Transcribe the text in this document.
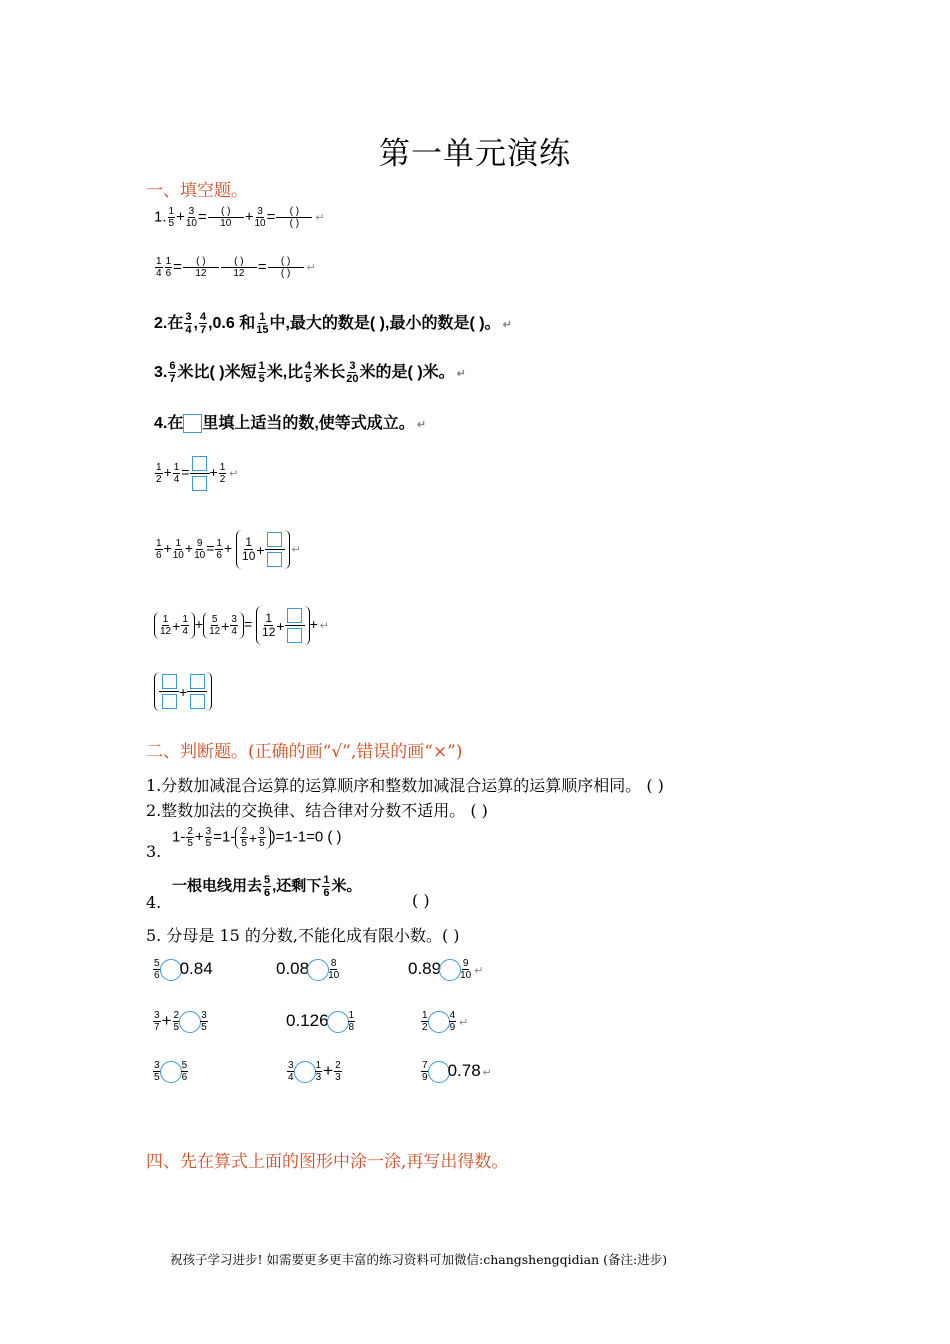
第一单元演练
一、填空题。
1. $\frac{1}{5} + \frac{3}{10} = \frac{( )}{10} + \frac{3}{10} = \frac{( )}{( )}$ ↵
$\frac{1}{4} \frac{1}{6} = \frac{( )}{12} \frac{( )}{12} = \frac{( )}{( )}$ ↵
2.在 $\frac{3}{4}$ , $\frac{4}{7} ,0.6$ 和 $\frac{1}{15}$ 中,最大的数是( ),最小的数是( )。 ↵
3. $\frac{6}{7}$ 米比( )米短 $\frac{1}{5}$ 米,比 $\frac{4}{5}$ 米长 $\frac{3}{20}$ 米的是( )米。 ↵
4.在 里填上适当的数,使等式成立。 ↵
$\frac{1}{2} + \frac{1}{4}$ = + $\frac{1}{2}$ ↵
$\frac{1}{6} + \frac{1}{10} + \frac{9}{10} = \frac{1}{6} + \frac{1}{10}$ + ↵
$\frac{1}{12} + \frac{1}{4} + \frac{5}{12} + \frac{3}{4} = \frac{1}{12}$ + + ↵
+
二、判断题。(正确的画“√”,错误的画“×”)
1.分数加减混合运算的运算顺序和整数加减混合运算的运算顺序相同。 ( )
2.整数加法的交换律、结合律对分数不适用。 ( )
3.
$1- \frac{2}{5} + \frac{3}{5} =1- \frac{2}{5} + \frac{3}{5} )=1-1=0$ ( )
4.
一根电线用去 $\frac{5}{6}$ ,还剩下 $\frac{1}{6}$ 米。
( )
5. 分母是 15 的分数,不能化成有限小数。( )
$\frac{5}{6} 0.84$	$0.08 \frac{8}{10}$	$0.89 \frac{9}{10}$ ↵
$\frac{3}{7} + \frac{2}{5} \frac{3}{5}$	$0.126 \frac{1}{8}$	$\frac{1}{2} \frac{4}{9}$ ↵
$\frac{3}{5} \frac{5}{6}$	$\frac{3}{4} \frac{1}{3} + \frac{2}{3}$	$\frac{7}{9} 0.78$ ↵
四、先在算式上面的图形中涂一涂,再写出得数。
祝孩子学习进步! 如需要更多更丰富的练习资料可加微信:changshengqidian (备注:进步)
